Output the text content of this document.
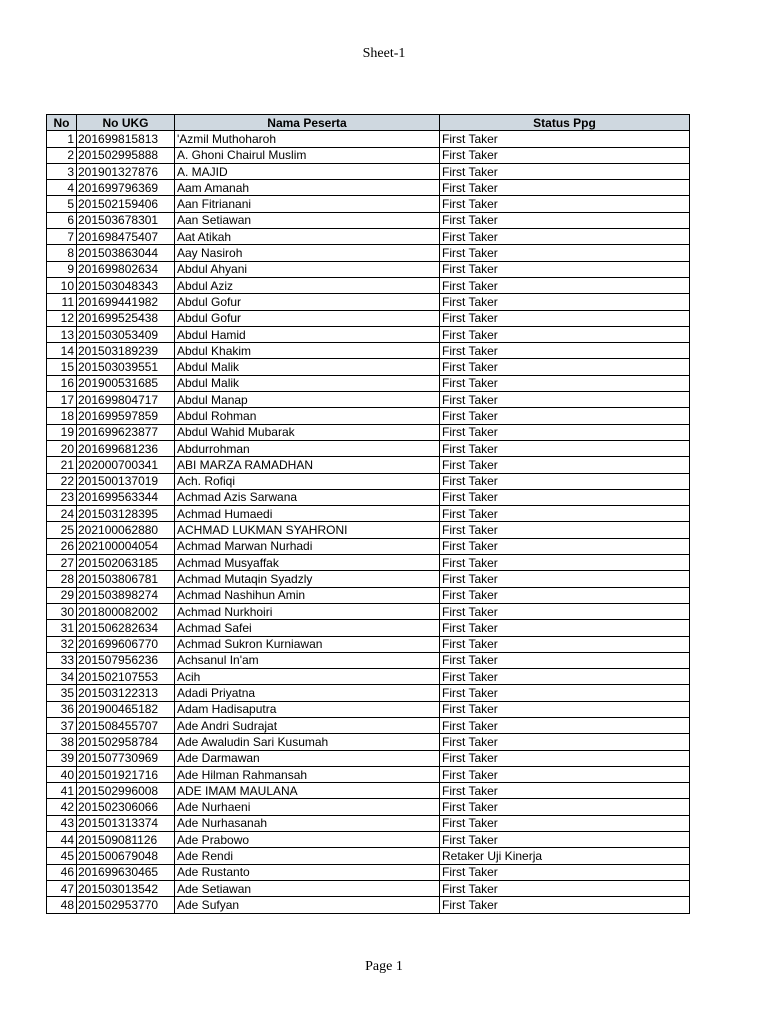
Sheet-1
No	No UKG	Nama Peserta	Status Ppg
1	201699815813	'Azmil Muthoharoh	First Taker
2	201502995888	A. Ghoni Chairul Muslim	First Taker
3	201901327876	A. MAJID	First Taker
4	201699796369	Aam Amanah	First Taker
5	201502159406	Aan Fitrianani	First Taker
6	201503678301	Aan Setiawan	First Taker
7	201698475407	Aat Atikah	First Taker
8	201503863044	Aay Nasiroh	First Taker
9	201699802634	Abdul Ahyani	First Taker
10	201503048343	Abdul Aziz	First Taker
11	201699441982	Abdul Gofur	First Taker
12	201699525438	Abdul Gofur	First Taker
13	201503053409	Abdul Hamid	First Taker
14	201503189239	Abdul Khakim	First Taker
15	201503039551	Abdul Malik	First Taker
16	201900531685	Abdul Malik	First Taker
17	201699804717	Abdul Manap	First Taker
18	201699597859	Abdul Rohman	First Taker
19	201699623877	Abdul Wahid Mubarak	First Taker
20	201699681236	Abdurrohman	First Taker
21	202000700341	ABI MARZA RAMADHAN	First Taker
22	201500137019	Ach. Rofiqi	First Taker
23	201699563344	Achmad Azis Sarwana	First Taker
24	201503128395	Achmad Humaedi	First Taker
25	202100062880	ACHMAD LUKMAN SYAHRONI	First Taker
26	202100004054	Achmad Marwan Nurhadi	First Taker
27	201502063185	Achmad Musyaffak	First Taker
28	201503806781	Achmad Mutaqin Syadzly	First Taker
29	201503898274	Achmad Nashihun Amin	First Taker
30	201800082002	Achmad Nurkhoiri	First Taker
31	201506282634	Achmad Safei	First Taker
32	201699606770	Achmad Sukron Kurniawan	First Taker
33	201507956236	Achsanul In'am	First Taker
34	201502107553	Acih	First Taker
35	201503122313	Adadi Priyatna	First Taker
36	201900465182	Adam Hadisaputra	First Taker
37	201508455707	Ade Andri Sudrajat	First Taker
38	201502958784	Ade Awaludin Sari Kusumah	First Taker
39	201507730969	Ade Darmawan	First Taker
40	201501921716	Ade Hilman Rahmansah	First Taker
41	201502996008	ADE IMAM MAULANA	First Taker
42	201502306066	Ade Nurhaeni	First Taker
43	201501313374	Ade Nurhasanah	First Taker
44	201509081126	Ade Prabowo	First Taker
45	201500679048	Ade Rendi	Retaker Uji Kinerja
46	201699630465	Ade Rustanto	First Taker
47	201503013542	Ade Setiawan	First Taker
48	201502953770	Ade Sufyan	First Taker
Page 1
